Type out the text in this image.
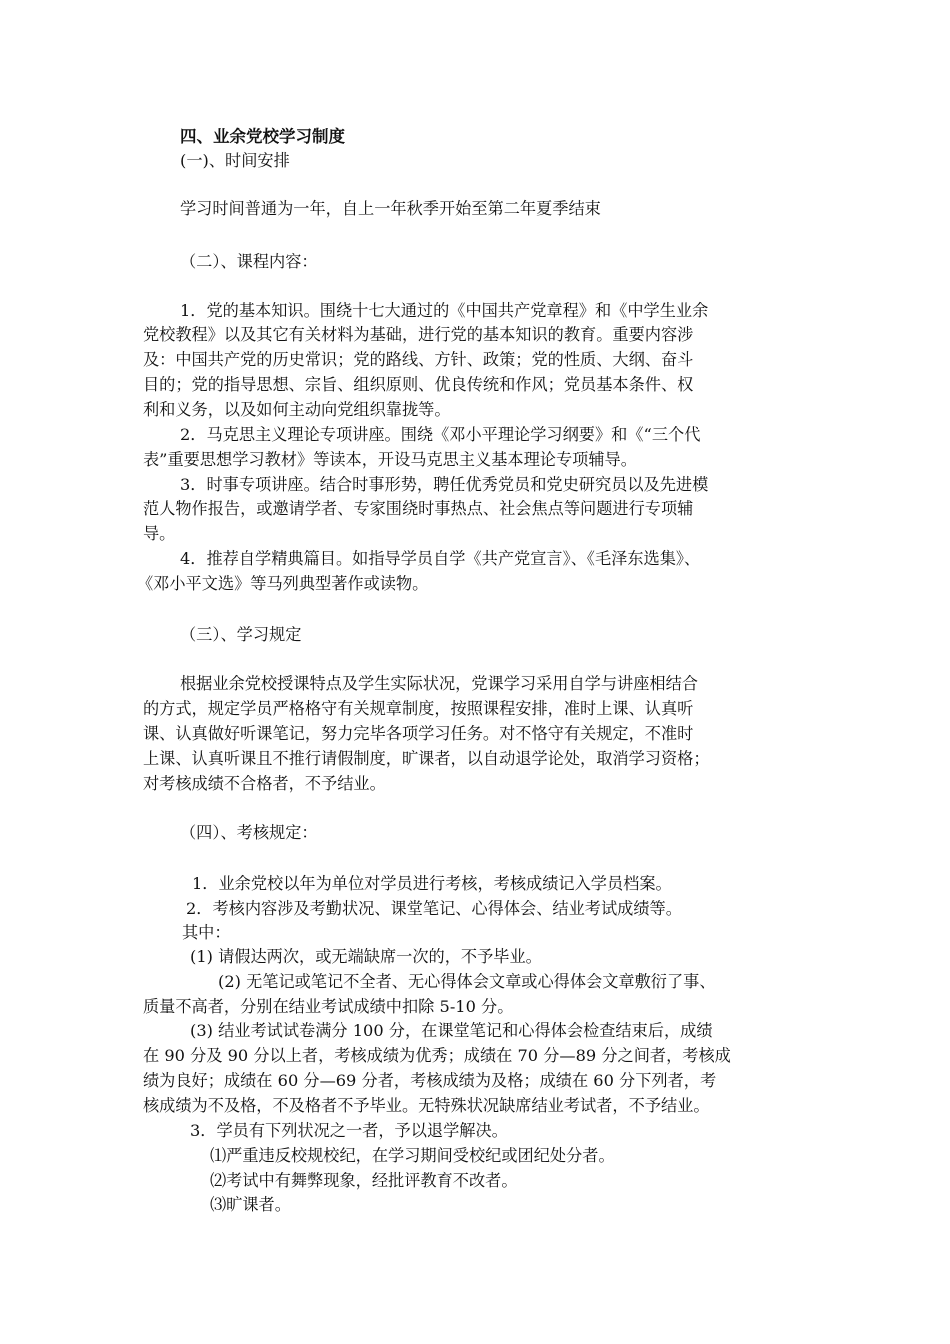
四、业余党校学习制度
(一)、时间安排
学习时间普通为一年，自上一年秋季开始至第二年夏季结束
（二）、课程内容：
1．党的基本知识。围绕十七大通过的《中国共产党章程》和《中学生业余
党校教程》以及其它有关材料为基础，进行党的基本知识的教育。重要内容涉
及：中国共产党的历史常识；党的路线、方针、政策；党的性质、大纲、奋斗
目的；党的指导思想、宗旨、组织原则、优良传统和作风；党员基本条件、权
利和义务，以及如何主动向党组织靠拢等。
2．马克思主义理论专项讲座。围绕《邓小平理论学习纲要》和《“三个代
表”重要思想学习教材》等读本，开设马克思主义基本理论专项辅导。
3．时事专项讲座。结合时事形势，聘任优秀党员和党史研究员以及先进模
范人物作报告，或邀请学者、专家围绕时事热点、社会焦点等问题进行专项辅
导。
4．推荐自学精典篇目。如指导学员自学《共产党宣言》、《毛泽东选集》、
《邓小平文选》等马列典型著作或读物。
（三）、学习规定
根据业余党校授课特点及学生实际状况，党课学习采用自学与讲座相结合
的方式，规定学员严格格守有关规章制度，按照课程安排，准时上课、认真听
课、认真做好听课笔记，努力完毕各项学习任务。对不恪守有关规定，不准时
上课、认真听课且不推行请假制度，旷课者，以自动退学论处，取消学习资格；
对考核成绩不合格者，不予结业。
（四）、考核规定：
1．业余党校以年为单位对学员进行考核，考核成绩记入学员档案。
2．考核内容涉及考勤状况、课堂笔记、心得体会、结业考试成绩等。
其中：
(1) 请假达两次，或无端缺席一次的，不予毕业。
(2) 无笔记或笔记不全者、无心得体会文章或心得体会文章敷衍了事、
质量不高者，分别在结业考试成绩中扣除 5-10 分。
(3) 结业考试试卷满分 100 分，在课堂笔记和心得体会检查结束后，成绩
在 90 分及 90 分以上者，考核成绩为优秀；成绩在 70 分—89 分之间者，考核成
绩为良好；成绩在 60 分—69 分者，考核成绩为及格；成绩在 60 分下列者，考
核成绩为不及格，不及格者不予毕业。无特殊状况缺席结业考试者，不予结业。
3．学员有下列状况之一者，予以退学解决。
⑴严重违反校规校纪，在学习期间受校纪或团纪处分者。
⑵考试中有舞弊现象，经批评教育不改者。
⑶旷课者。
